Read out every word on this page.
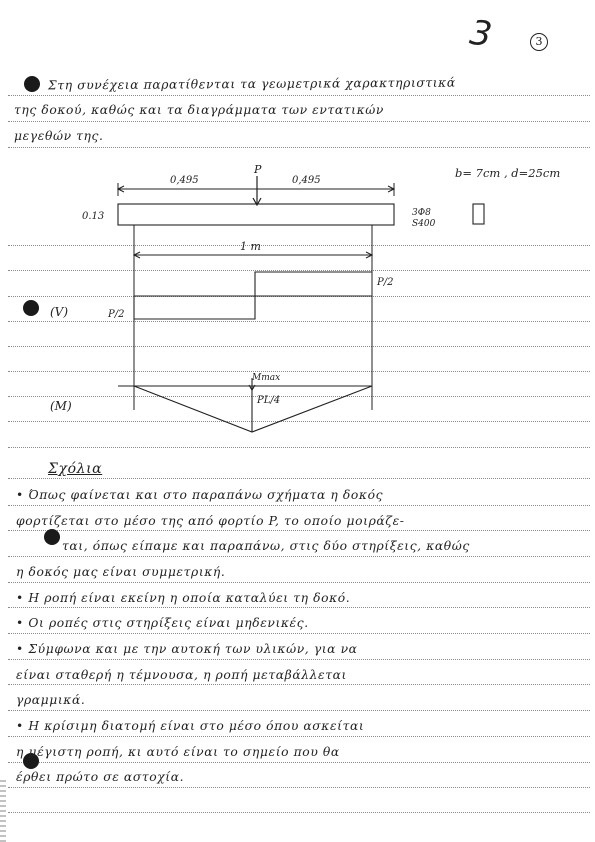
3	3
Στη συνέχεια παρατίθενται τα γεωμετρικά χαρακτηριστικά
της δοκού, καθώς και τα διαγράμματα των εντατικών
μεγεθών της.
0,495	0,495
P
0.13
b= 7cm , d=25cm
3Φ8
S400
1 m
(V)	P/2
P/2
(M)
Mmax
PL/4
Σχόλια
• Όπως φαίνεται και στο παραπάνω σχήματα η δοκός
φορτίζεται στο μέσο της από φορτίο P, το οποίο μοιράζε-
ται, όπως είπαμε και παραπάνω, στις δύο στηρίξεις, καθώς
η δοκός μας είναι συμμετρική.
• Η ροπή είναι εκείνη η οποία καταλύει τη δοκό.
• Οι ροπές στις στηρίξεις είναι μηδενικές.
• Σύμφωνα και με την αυτοκή των υλικών, για να
είναι σταθερή η τέμνουσα, η ροπή μεταβάλλεται
γραμμικά.
• Η κρίσιμη διατομή είναι στο μέσο όπου ασκείται
η μέγιστη ροπή, κι αυτό είναι το σημείο που θα
έρθει πρώτο σε αστοχία.
